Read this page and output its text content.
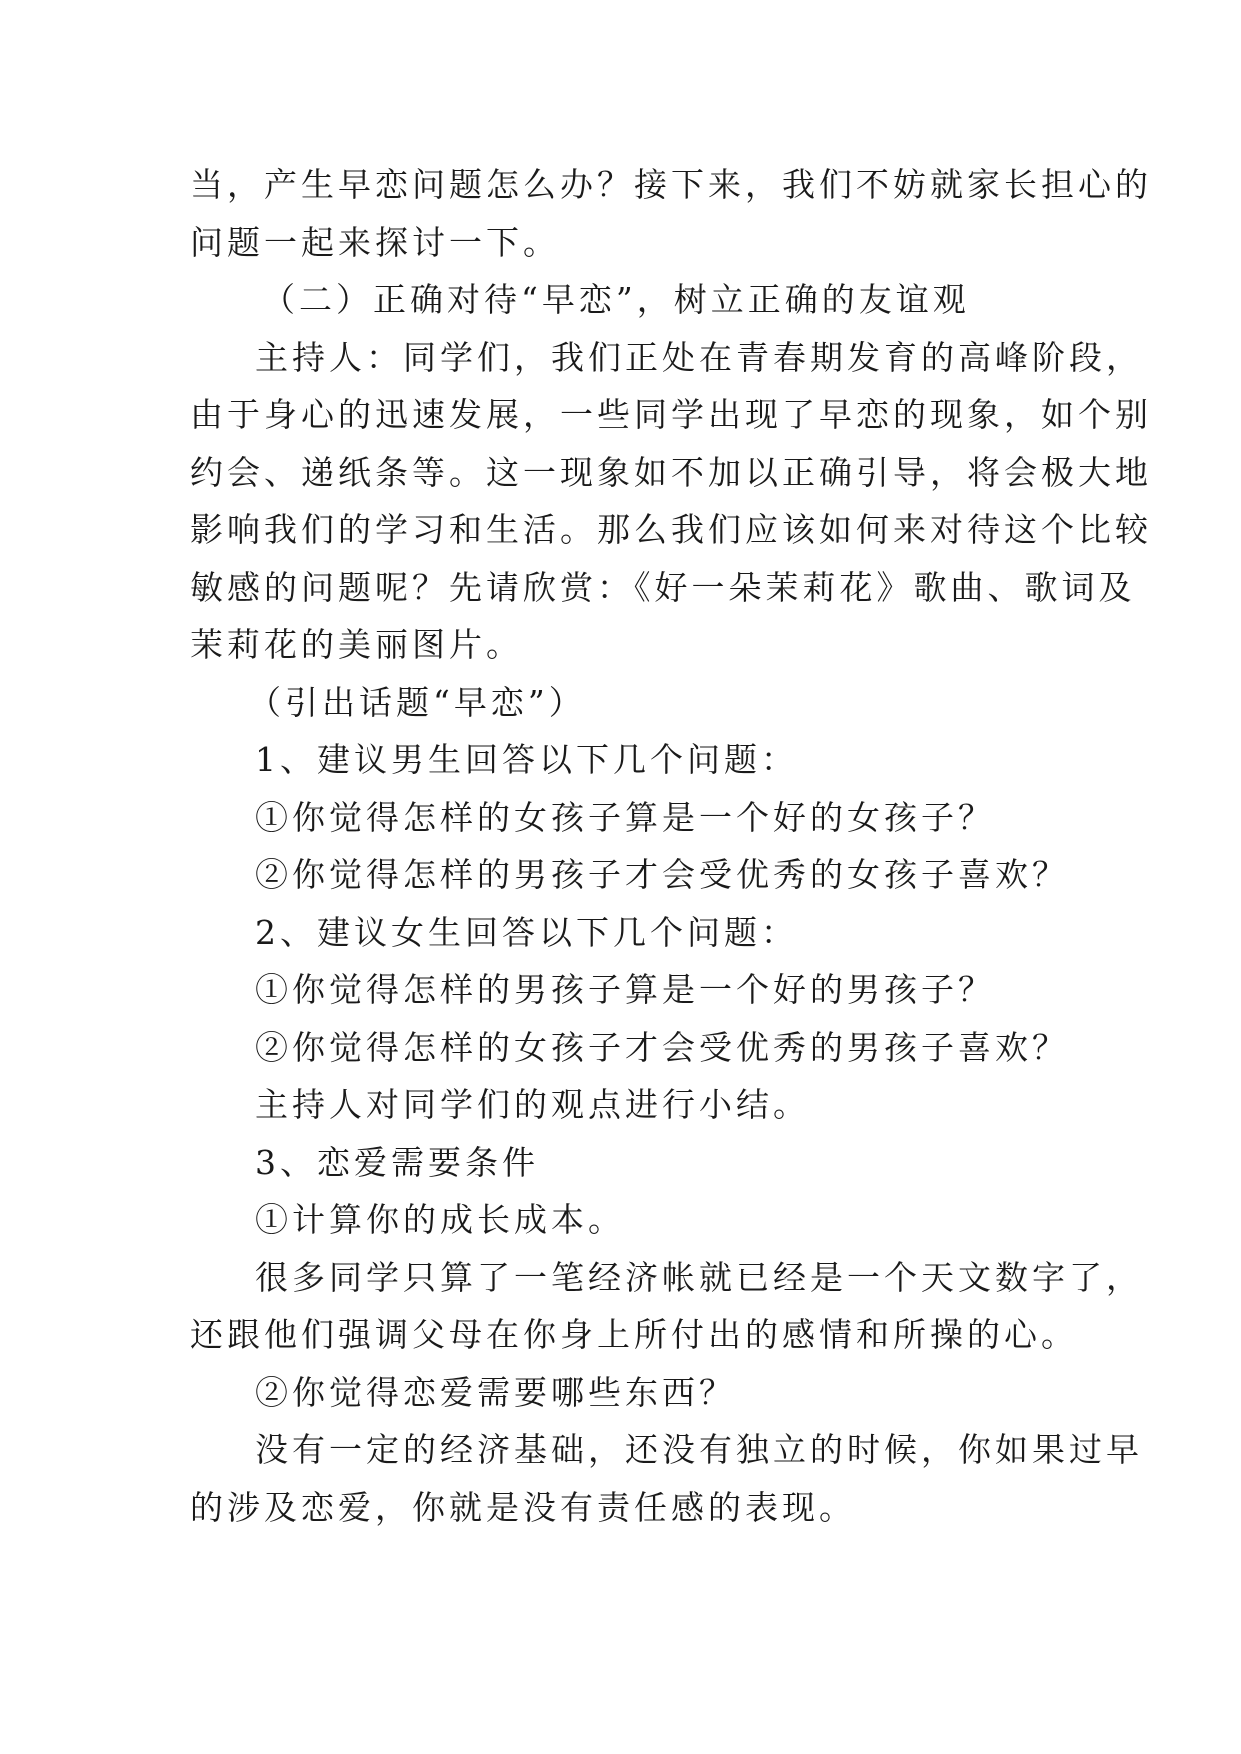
当，产生早恋问题怎么办？接下来，我们不妨就家长担心的
问题一起来探讨一下。
（二）正确对待“早恋”，树立正确的友谊观
主持人：同学们，我们正处在青春期发育的高峰阶段，
由于身心的迅速发展，一些同学出现了早恋的现象，如个别
约会、递纸条等。这一现象如不加以正确引导，将会极大地
影响我们的学习和生活。那么我们应该如何来对待这个比较
敏感的问题呢？先请欣赏：《好一朵茉莉花》歌曲、歌词及
茉莉花的美丽图片。
（引出话题“早恋”）
1、建议男生回答以下几个问题：
①你觉得怎样的女孩子算是一个好的女孩子？
②你觉得怎样的男孩子才会受优秀的女孩子喜欢？
2、建议女生回答以下几个问题：
①你觉得怎样的男孩子算是一个好的男孩子？
②你觉得怎样的女孩子才会受优秀的男孩子喜欢？
主持人对同学们的观点进行小结。
3、恋爱需要条件
①计算你的成长成本。
很多同学只算了一笔经济帐就已经是一个天文数字了，
还跟他们强调父母在你身上所付出的感情和所操的心。
②你觉得恋爱需要哪些东西？
没有一定的经济基础，还没有独立的时候，你如果过早
的涉及恋爱，你就是没有责任感的表现。
